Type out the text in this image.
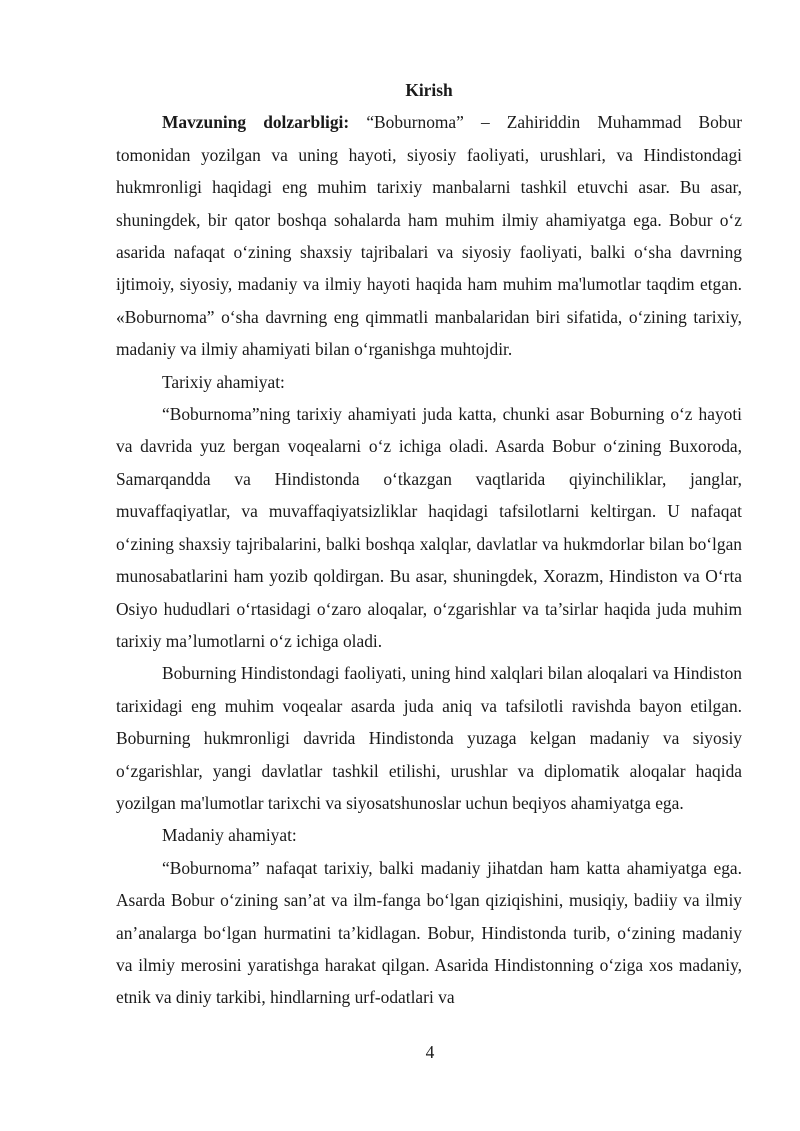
Kirish

Mavzuning dolzarbligi: “Boburnoma” – Zahiriddin Muhammad Bobur tomonidan yozilgan va uning hayoti, siyosiy faoliyati, urushlari, va Hindistondagi hukmronligi haqidagi eng muhim tarixiy manbalarni tashkil etuvchi asar. Bu asar, shuningdek, bir qator boshqa sohalarda ham muhim ilmiy ahamiyatga ega. Bobur o‘z asarida nafaqat o‘zining shaxsiy tajribalari va siyosiy faoliyati, balki o‘sha davrning ijtimoiy, siyosiy, madaniy va ilmiy hayoti haqida ham muhim ma'lumotlar taqdim etgan. «Boburnoma” o‘sha davrning eng qimmatli manbalaridan biri sifatida, o‘zining tarixiy, madaniy va ilmiy ahamiyati bilan o‘rganishga muhtojdir.

Tarixiy ahamiyat:

“Boburnoma”ning tarixiy ahamiyati juda katta, chunki asar Boburning o‘z hayoti va davrida yuz bergan voqealarni o‘z ichiga oladi. Asarda Bobur o‘zining Buxoroda, Samarqandda va Hindistonda o‘tkazgan vaqtlarida qiyinchiliklar, janglar, muvaffaqiyatlar, va muvaffaqiyatsizliklar haqidagi tafsilotlarni keltirgan. U nafaqat o‘zining shaxsiy tajribalarini, balki boshqa xalqlar, davlatlar va hukmdorlar bilan bo‘lgan munosabatlarini ham yozib qoldirgan. Bu asar, shuningdek, Xorazm, Hindiston va O‘rta Osiyo hududlari o‘rtasidagi o‘zaro aloqalar, o‘zgarishlar va ta’sirlar haqida juda muhim tarixiy ma’lumotlarni o‘z ichiga oladi.

Boburning Hindistondagi faoliyati, uning hind xalqlari bilan aloqalari va Hindiston tarixidagi eng muhim voqealar asarda juda aniq va tafsilotli ravishda bayon etilgan. Boburning hukmronligi davrida Hindistonda yuzaga kelgan madaniy va siyosiy o‘zgarishlar, yangi davlatlar tashkil etilishi, urushlar va diplomatik aloqalar haqida yozilgan ma'lumotlar tarixchi va siyosatshunoslar uchun beqiyos ahamiyatga ega.

Madaniy ahamiyat:

“Boburnoma” nafaqat tarixiy, balki madaniy jihatdan ham katta ahamiyatga ega. Asarda Bobur o‘zining san’at va ilm-fanga bo‘lgan qiziqishini, musiqiy, badiiy va ilmiy an’analarga bo‘lgan hurmatini ta’kidlagan. Bobur, Hindistonda turib, o‘zining madaniy va ilmiy merosini yaratishga harakat qilgan. Asarida Hindistonning o‘ziga xos madaniy, etnik va diniy tarkibi, hindlarning urf-odatlari va

4
